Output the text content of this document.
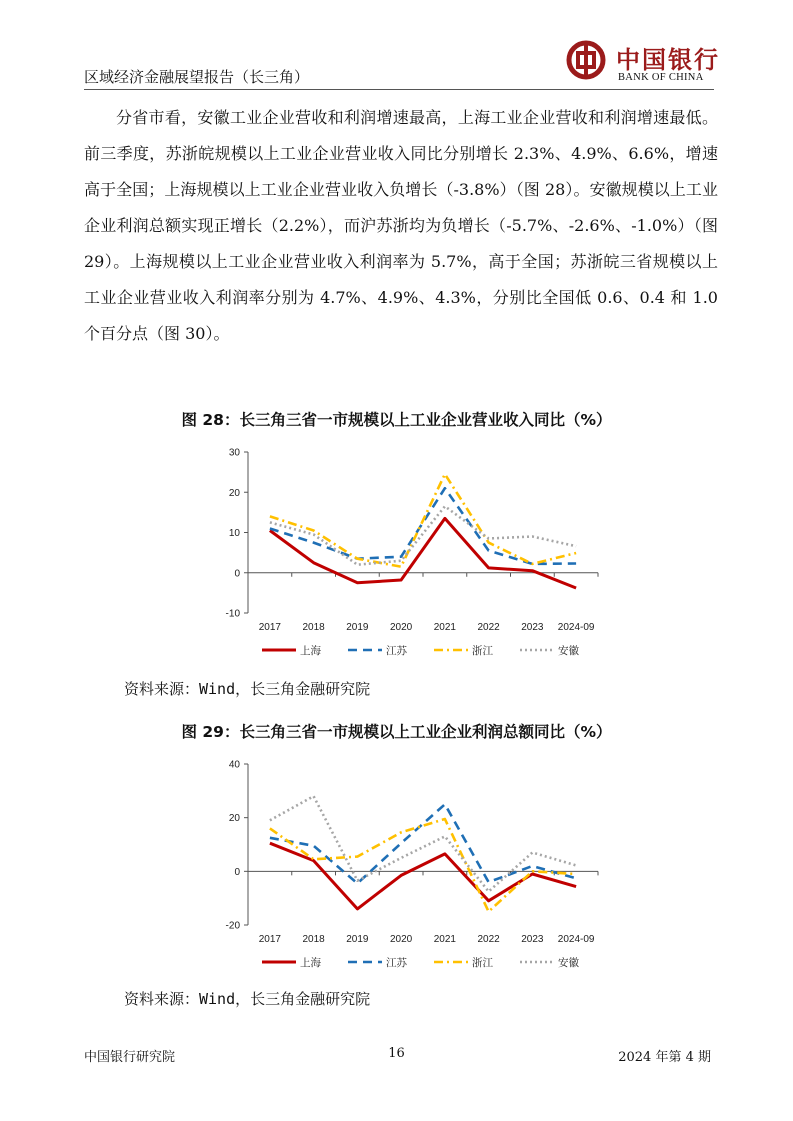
区域经济金融展望报告（长三角）
中国银行
BANK OF CHINA

分省市看，安徽工业企业营收和利润增速最高，上海工业企业营收和利润增速最低。前三季度，苏浙皖规模以上工业企业营业收入同比分别增长 2.3%、4.9%、6.6%，增速高于全国；上海规模以上工业企业营业收入负增长（-3.8%）（图 28）。安徽规模以上工业企业利润总额实现正增长（2.2%），而沪苏浙均为负增长（-5.7%、-2.6%、-1.0%）（图 29）。上海规模以上工业企业营业收入利润率为 5.7%，高于全国；苏浙皖三省规模以上工业企业营业收入利润率分别为 4.7%、4.9%、4.3%，分别比全国低 0.6、0.4 和 1.0 个百分点（图 30）。

图 28：长三角三省一市规模以上工业企业营业收入同比（%）
-10
0
10
20
30
2017 2018 2019 2020 2021 2022 2023 2024-09
上海	江苏	浙江	安徽
资料来源：Wind，长三角金融研究院
图 29：长三角三省一市规模以上工业企业利润总额同比（%）
-20
0
20
40
2017 2018 2019 2020 2021 2022 2023 2024-09
上海	江苏	浙江	安徽
资料来源：Wind，长三角金融研究院
中国银行研究院	16	2024 年第 4 期
